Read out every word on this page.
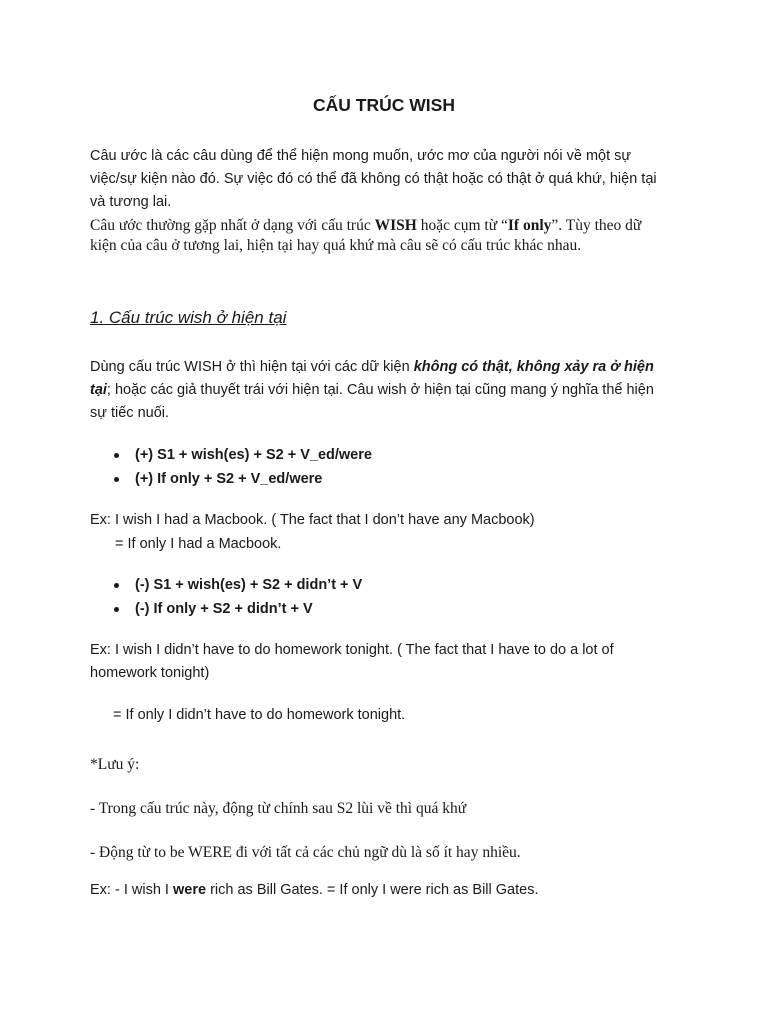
CẤU TRÚC WISH
Câu ước là các câu dùng để thể hiện mong muốn, ước mơ của người nói về một sự
việc/sự kiện nào đó. Sự việc đó có thể đã không có thật hoặc có thật ở quá khứ, hiện tại
và tương lai.
Câu ước thường gặp nhất ở dạng với cấu trúc WISH hoặc cụm từ “If only”. Tùy theo dữ
kiện của câu ở tương lai, hiện tại hay quá khứ mà câu sẽ có cấu trúc khác nhau.
1. Cấu trúc wish ở hiện tại
Dùng cấu trúc WISH ở thì hiện tại với các dữ kiện không có thật, không xảy ra ở hiện
tại; hoặc các giả thuyết trái với hiện tại. Câu wish ở hiện tại cũng mang ý nghĩa thể hiện
sự tiếc nuối.
(+) S1 + wish(es) + S2 + V_ed/were
(+) If only + S2 + V_ed/were
Ex: I wish I had a Macbook. ( The fact that I don’t have any Macbook)
= If only I had a Macbook.
(-) S1 + wish(es) + S2 + didn’t + V
(-) If only + S2 + didn’t + V
Ex: I wish I didn’t have to do homework tonight. ( The fact that I have to do a lot of
homework tonight)
= If only I didn’t have to do homework tonight.
*Lưu ý:
- Trong cấu trúc này, động từ chính sau S2 lùi về thì quá khứ
- Động từ to be WERE đi với tất cả các chủ ngữ dù là số ít hay nhiều.
Ex: - I wish I were rich as Bill Gates. = If only I were rich as Bill Gates.
